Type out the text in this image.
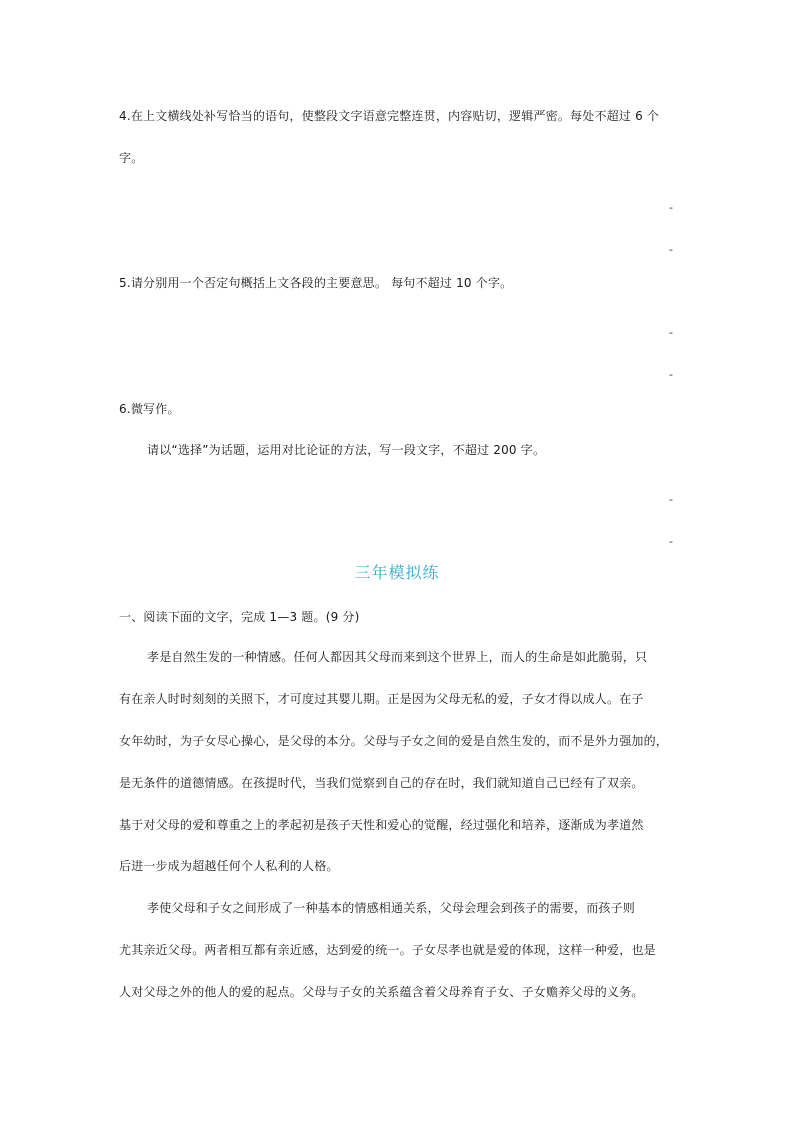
4.在上文横线处补写恰当的语句，使整段文字语意完整连贯，内容贴切，逻辑严密。每处不超过 6 个
字。
-
-
5.请分别用一个否定句概括上文各段的主要意思。 每句不超过 10 个字。
-
-
6.微写作。
请以“选择”为话题，运用对比论证的方法，写一段文字，不超过 200 字。
-
-
三年模拟练
一、阅读下面的文字，完成 1—3 题。(9 分)
孝是自然生发的一种情感。任何人都因其父母而来到这个世界上，而人的生命是如此脆弱，只
有在亲人时时刻刻的关照下，才可度过其婴儿期。正是因为父母无私的爱，子女才得以成人。在子
女年幼时，为子女尽心操心，是父母的本分。父母与子女之间的爱是自然生发的，而不是外力强加的，
是无条件的道德情感。在孩提时代，当我们觉察到自己的存在时，我们就知道自己已经有了双亲。
基于对父母的爱和尊重之上的孝起初是孩子天性和爱心的觉醒，经过强化和培养，逐渐成为孝道然
后进一步成为超越任何个人私利的人格。
孝使父母和子女之间形成了一种基本的情感相通关系，父母会理会到孩子的需要，而孩子则
尤其亲近父母。两者相互都有亲近感，达到爱的统一。子女尽孝也就是爱的体现，这样一种爱，也是
人对父母之外的他人的爱的起点。父母与子女的关系蕴含着父母养育子女、子女赡养父母的义务。
